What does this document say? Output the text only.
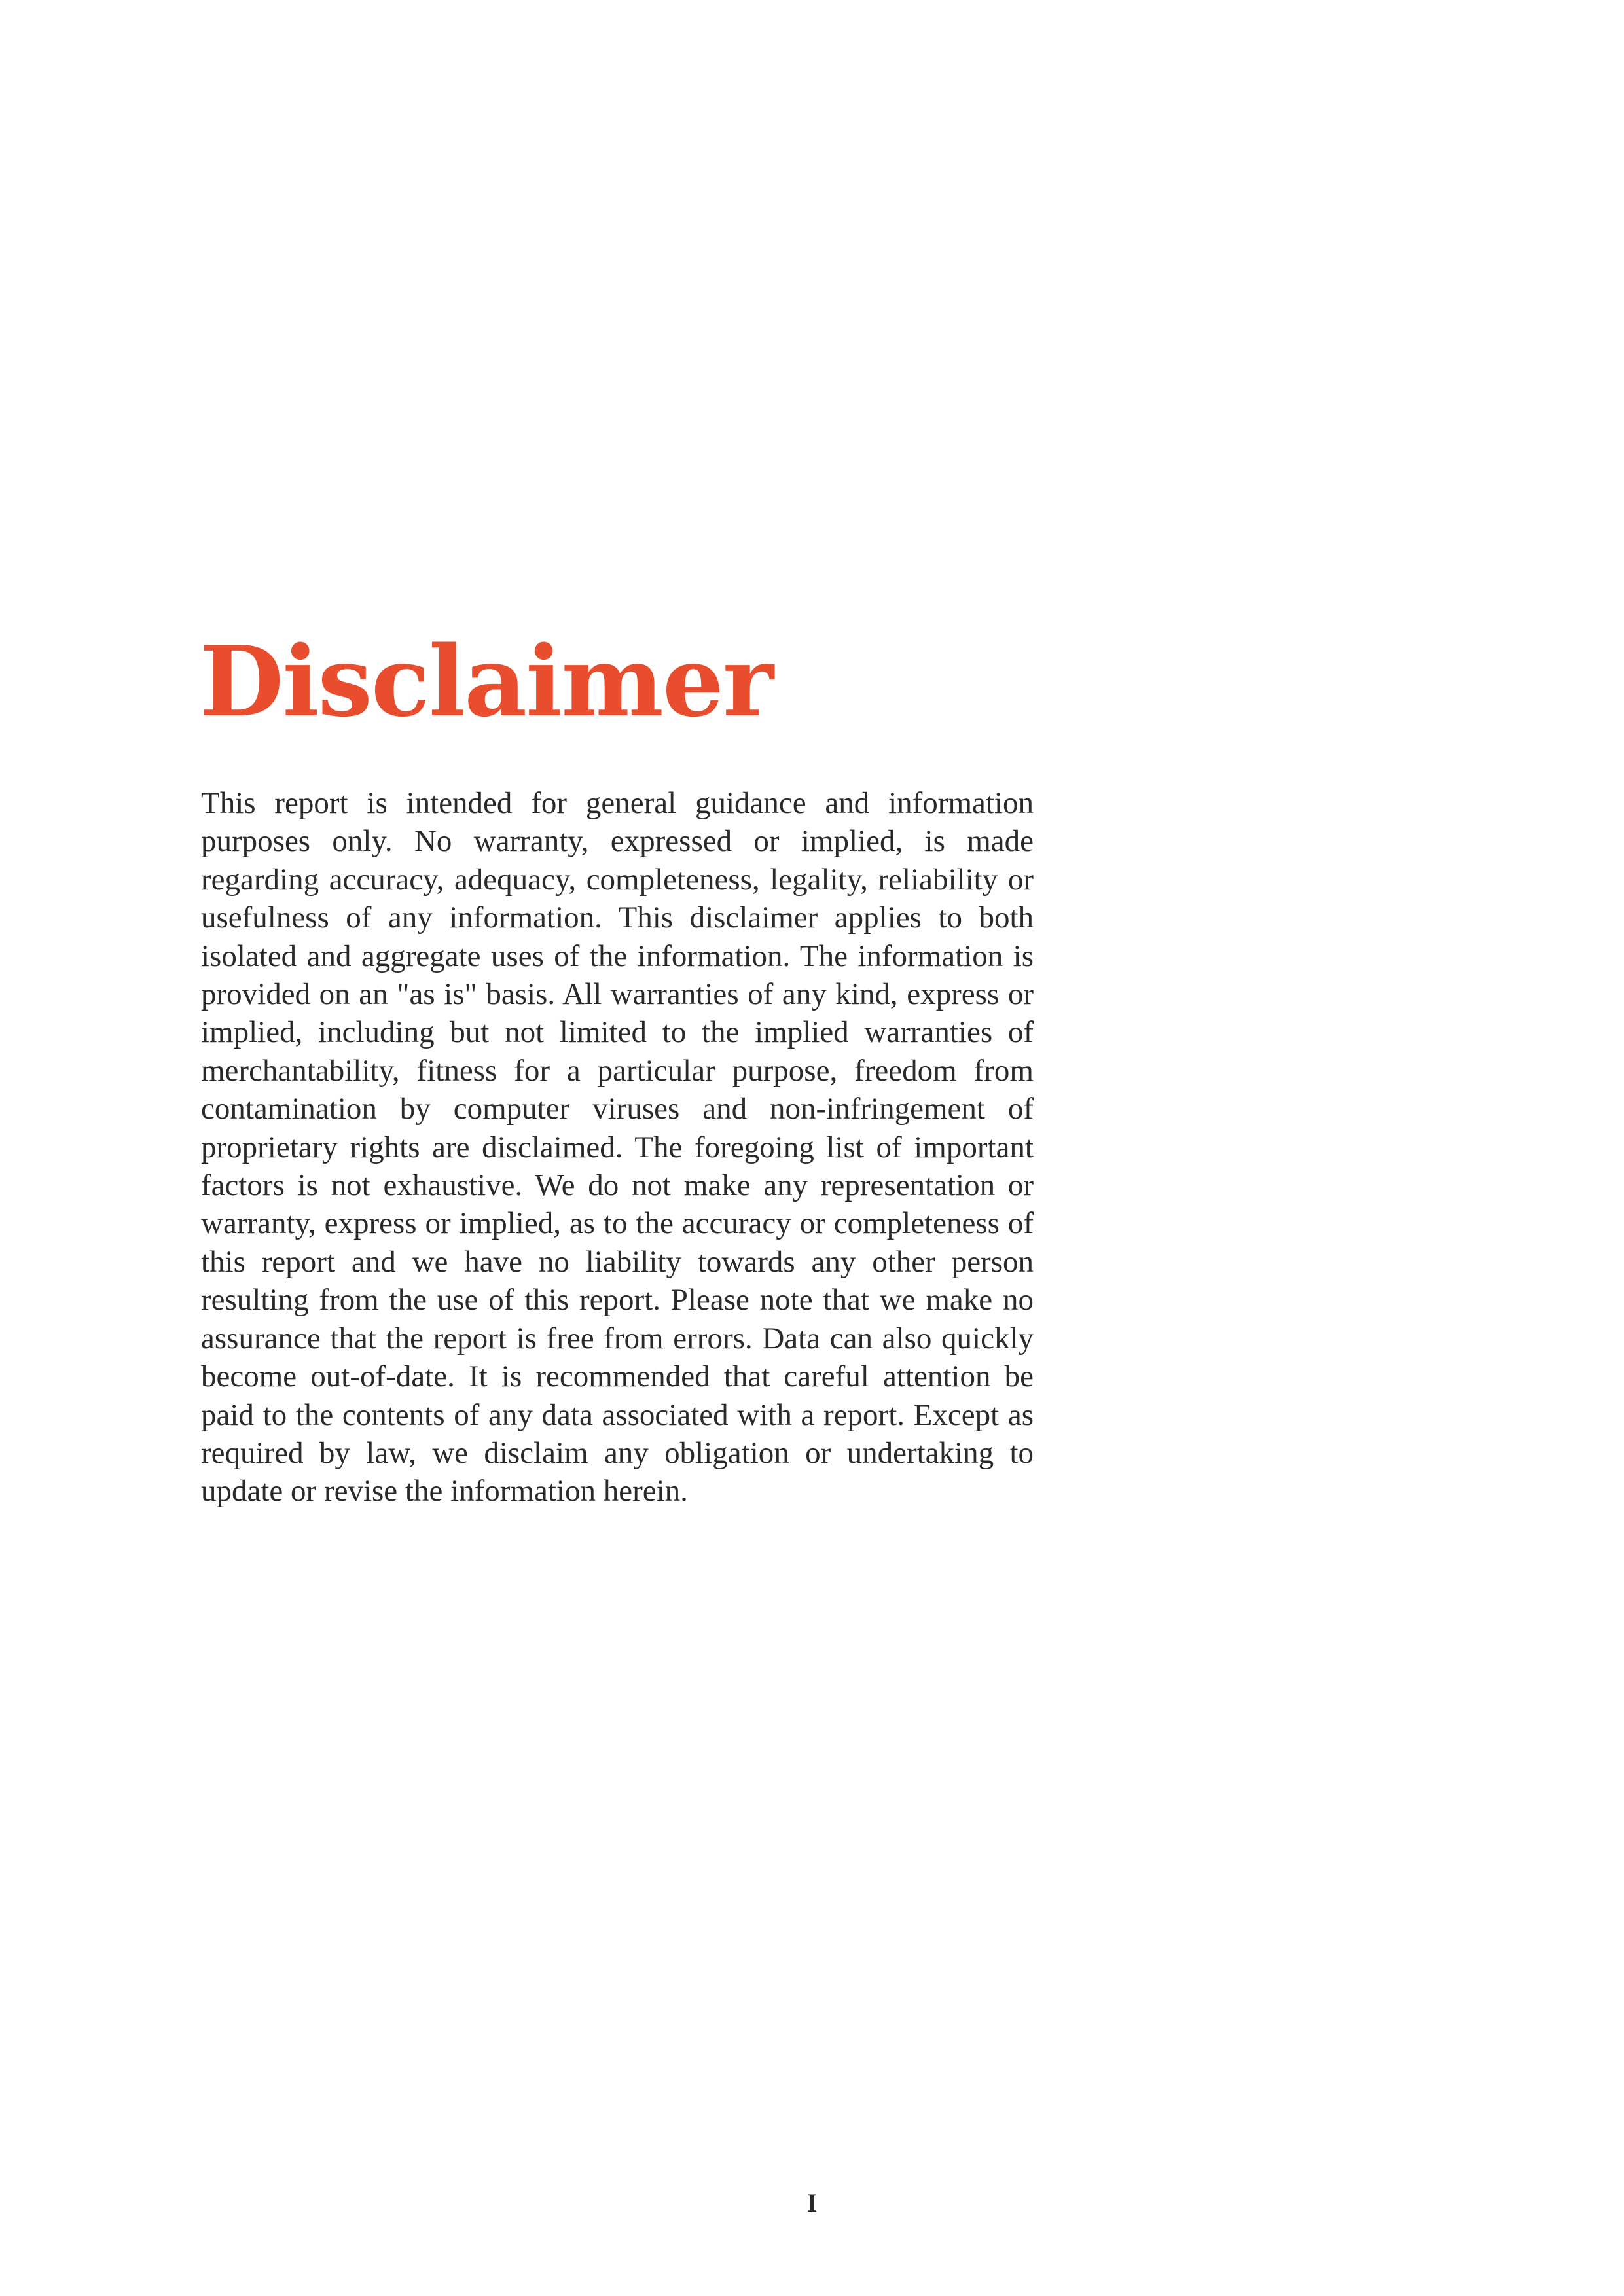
Disclaimer

This report is intended for general guidance and information purposes only. No warranty, expressed or implied, is made regarding accuracy, adequacy, completeness, legality, reliability or usefulness of any information. This disclaimer applies to both isolated and aggregate uses of the information. The information is provided on an "as is" basis. All warranties of any kind, express or implied, including but not limited to the implied warranties of merchantability, fitness for a particular purpose, freedom from contamination by computer viruses and non-infringement of proprietary rights are disclaimed. The foregoing list of important factors is not exhaustive. We do not make any representation or warranty, express or implied, as to the accuracy or completeness of this report and we have no liability towards any other person resulting from the use of this report. Please note that we make no assurance that the report is free from errors. Data can also quickly become out-of-date. It is recommended that careful attention be paid to the contents of any data associated with a report. Except as required by law, we disclaim any obligation or undertaking to update or revise the information herein.

I
